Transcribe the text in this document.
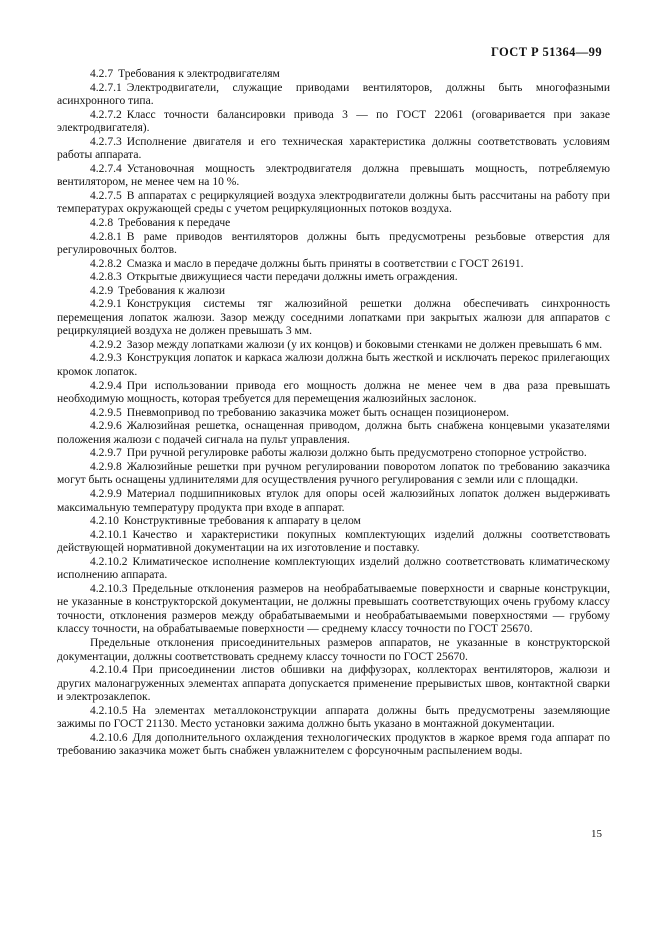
ГОСТ Р 51364—99

4.2.7 Требования к электродвигателям

4.2.7.1 Электродвигатели, служащие приводами вентиляторов, должны быть многофазными асинхронного типа.

4.2.7.2 Класс точности балансировки привода 3 — по ГОСТ 22061 (оговаривается при заказе электродвигателя).

4.2.7.3 Исполнение двигателя и его техническая характеристика должны соответствовать условиям работы аппарата.

4.2.7.4 Установочная мощность электродвигателя должна превышать мощность, потребляемую вентилятором, не менее чем на 10 %.

4.2.7.5 В аппаратах с рециркуляцией воздуха электродвигатели должны быть рассчитаны на работу при температурах окружающей среды с учетом рециркуляционных потоков воздуха.

4.2.8 Требования к передаче

4.2.8.1 В раме приводов вентиляторов должны быть предусмотрены резьбовые отверстия для регулировочных болтов.

4.2.8.2 Смазка и масло в передаче должны быть приняты в соответствии с ГОСТ 26191.

4.2.8.3 Открытые движущиеся части передачи должны иметь ограждения.

4.2.9 Требования к жалюзи

4.2.9.1 Конструкция системы тяг жалюзийной решетки должна обеспечивать синхронность перемещения лопаток жалюзи. Зазор между соседними лопатками при закрытых жалюзи для аппаратов с рециркуляцией воздуха не должен превышать 3 мм.

4.2.9.2 Зазор между лопатками жалюзи (у их концов) и боковыми стенками не должен превышать 6 мм.

4.2.9.3 Конструкция лопаток и каркаса жалюзи должна быть жесткой и исключать перекос прилегающих кромок лопаток.

4.2.9.4 При использовании привода его мощность должна не менее чем в два раза превышать необходимую мощность, которая требуется для перемещения жалюзийных заслонок.

4.2.9.5 Пневмопривод по требованию заказчика может быть оснащен позиционером.

4.2.9.6 Жалюзийная решетка, оснащенная приводом, должна быть снабжена концевыми указателями положения жалюзи с подачей сигнала на пульт управления.

4.2.9.7 При ручной регулировке работы жалюзи должно быть предусмотрено стопорное устройство.

4.2.9.8 Жалюзийные решетки при ручном регулировании поворотом лопаток по требованию заказчика могут быть оснащены удлинителями для осуществления ручного регулирования с земли или с площадки.

4.2.9.9 Материал подшипниковых втулок для опоры осей жалюзийных лопаток должен выдерживать максимальную температуру продукта при входе в аппарат.

4.2.10 Конструктивные требования к аппарату в целом

4.2.10.1 Качество и характеристики покупных комплектующих изделий должны соответствовать действующей нормативной документации на их изготовление и поставку.

4.2.10.2 Климатическое исполнение комплектующих изделий должно соответствовать климатическому исполнению аппарата.

4.2.10.3 Предельные отклонения размеров на необрабатываемые поверхности и сварные конструкции, не указанные в конструкторской документации, не должны превышать соответствующих очень грубому классу точности, отклонения размеров между обрабатываемыми и необрабатываемыми поверхностями — грубому классу точности, на обрабатываемые поверхности — среднему классу точности по ГОСТ 25670.

Предельные отклонения присоединительных размеров аппаратов, не указанные в конструкторской документации, должны соответствовать среднему классу точности по ГОСТ 25670.

4.2.10.4 При присоединении листов обшивки на диффузорах, коллекторах вентиляторов, жалюзи и других малонагруженных элементах аппарата допускается применение прерывистых швов, контактной сварки и электрозаклепок.

4.2.10.5 На элементах металлоконструкции аппарата должны быть предусмотрены заземляющие зажимы по ГОСТ 21130. Место установки зажима должно быть указано в монтажной документации.

4.2.10.6 Для дополнительного охлаждения технологических продуктов в жаркое время года аппарат по требованию заказчика может быть снабжен увлажнителем с форсуночным распылением воды.

15
